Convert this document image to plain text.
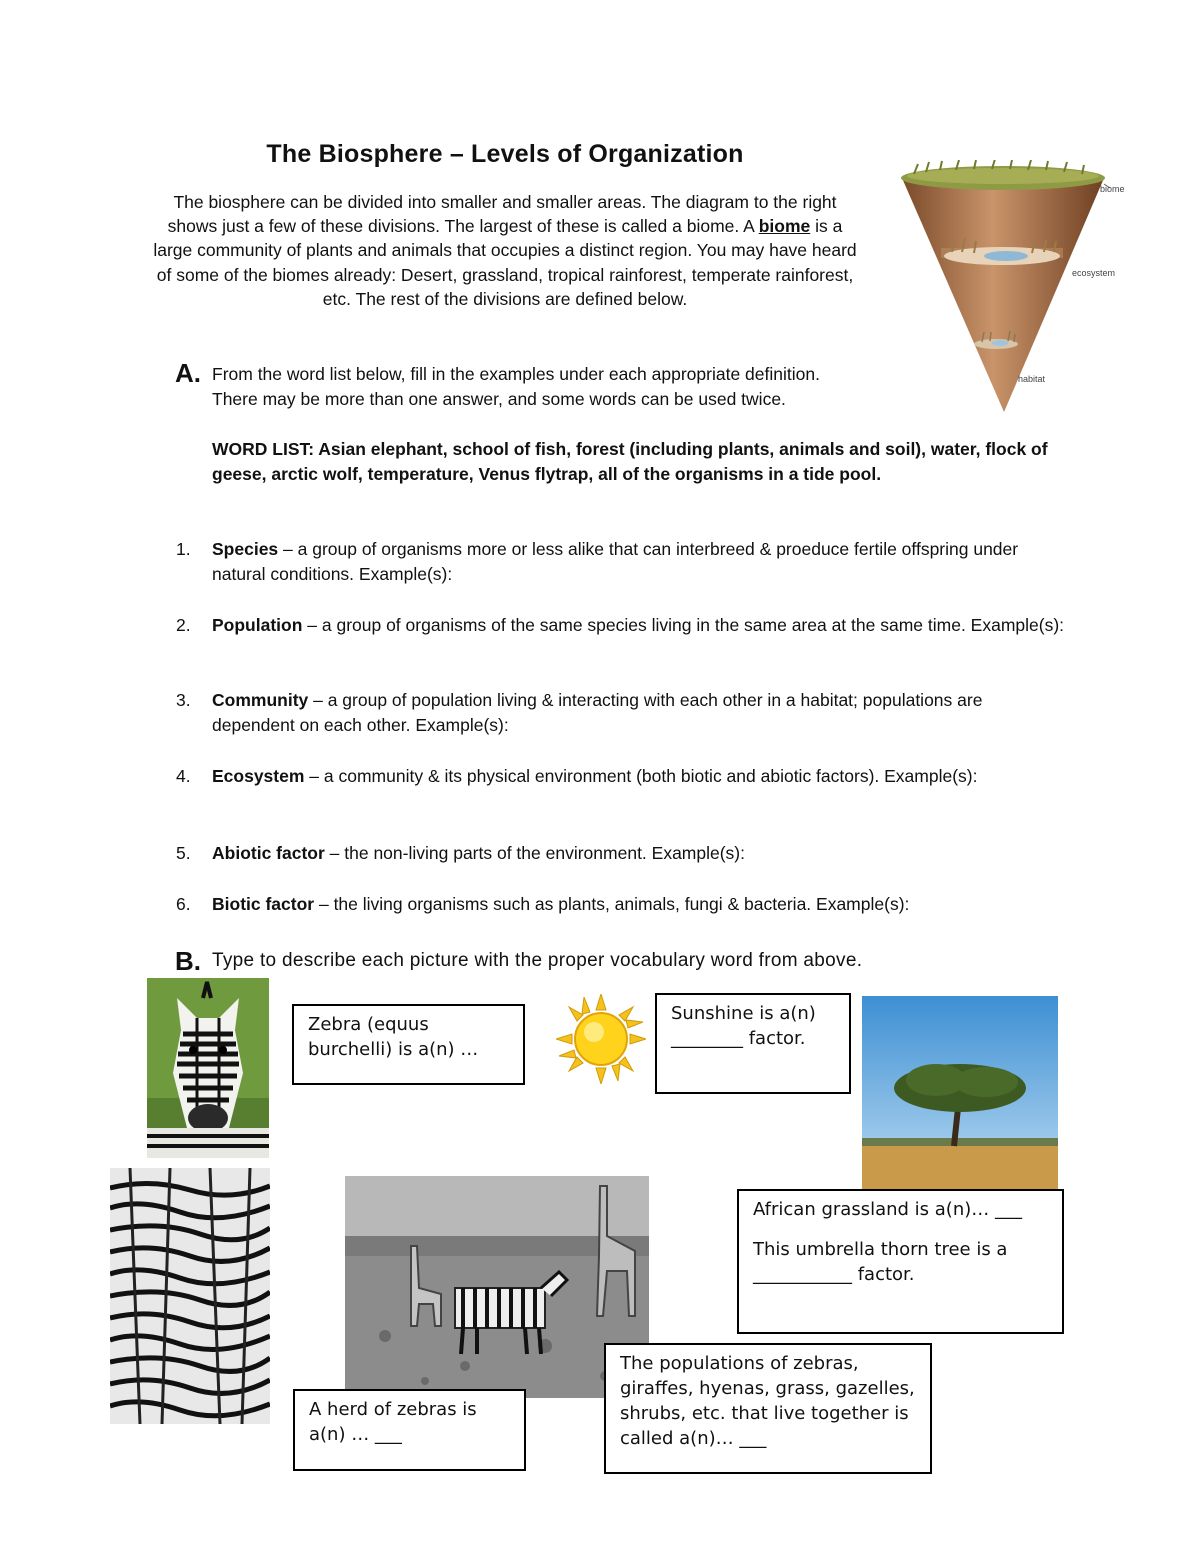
The Biosphere – Levels of Organization
The biosphere can be divided into smaller and smaller areas. The diagram to the right shows just a few of these divisions. The largest of these is called a biome. A biome is a large community of plants and animals that occupies a distinct region. You may have heard of some of the biomes already: Desert, grassland, tropical rainforest, temperate rainforest, etc. The rest of the divisions are defined below.
biome
ecosystem
habitat
A. From the word list below, fill in the examples under each appropriate definition. There may be more than one answer, and some words can be used twice.
WORD LIST: Asian elephant, school of fish, forest (including plants, animals and soil), water, flock of geese, arctic wolf, temperature, Venus flytrap, all of the organisms in a tide pool.
1.	Species – a group of organisms more or less alike that can interbreed & proeduce fertile offspring under natural conditions. Example(s):
2.	Population – a group of organisms of the same species living in the same area at the same time. Example(s):
3.	Community – a group of population living & interacting with each other in a habitat; populations are dependent on each other. Example(s):
4.	Ecosystem – a community & its physical environment (both biotic and abiotic factors). Example(s):
5.	Abiotic factor – the non-living parts of the environment. Example(s):
6.	Biotic factor – the living organisms such as plants, animals, fungi & bacteria. Example(s):
B. Type to describe each picture with the proper vocabulary word from above.
Zebra (equus burchelli) is a(n) …
Sunshine is a(n) ________ factor.
African grassland is a(n)… ___
This umbrella thorn tree is a ___________ factor.
The populations of zebras, giraffes, hyenas, grass, gazelles, shrubs, etc. that live together is called a(n)… ___
A herd of zebras is a(n) … ___
